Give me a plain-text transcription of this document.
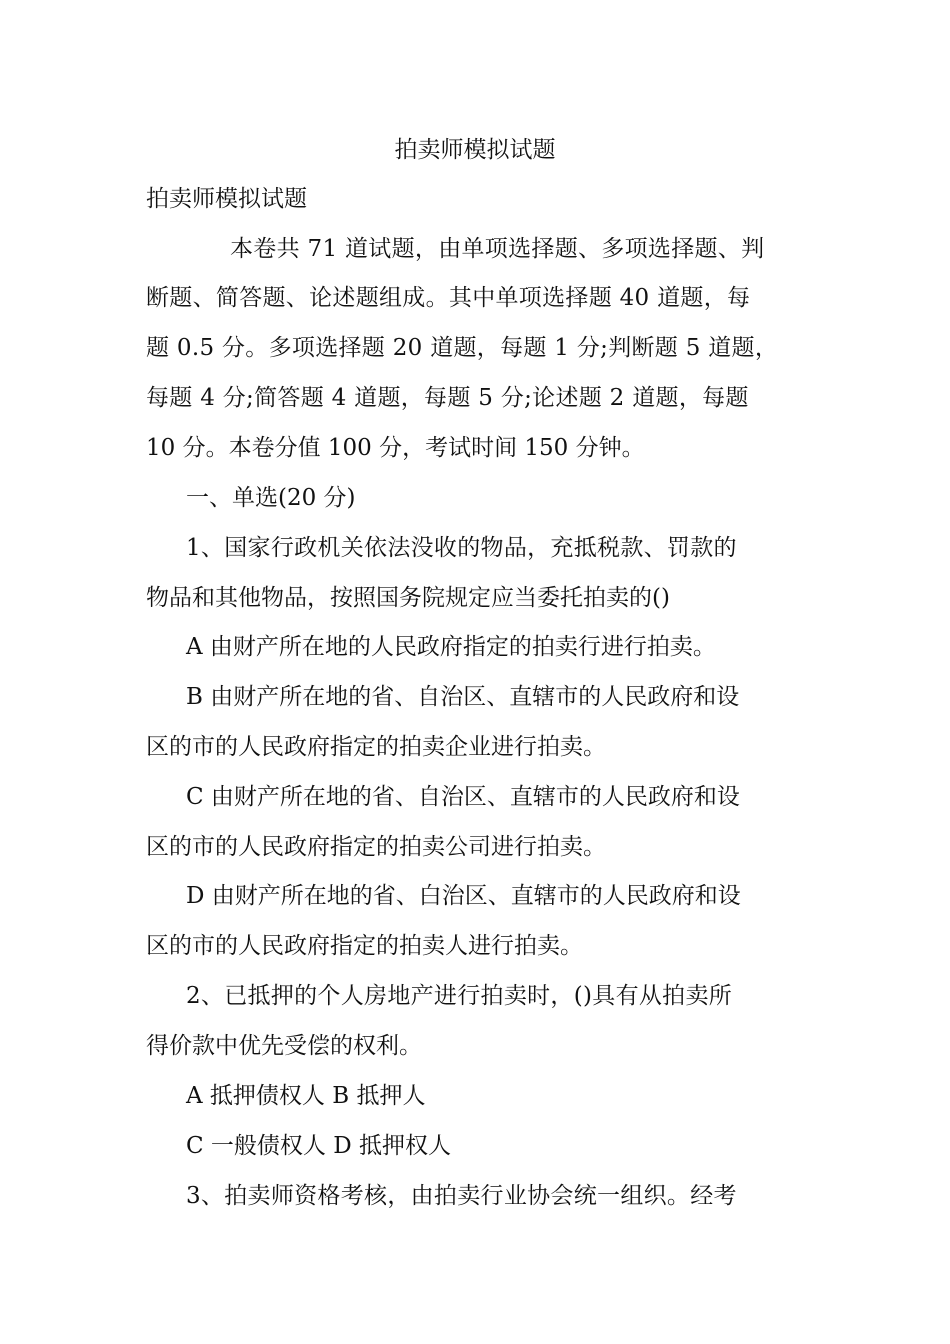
拍卖师模拟试题
拍卖师模拟试题
本卷共 71 道试题，由单项选择题、多项选择题、判
断题、简答题、论述题组成。其中单项选择题 40 道题，每
题 0.5 分。多项选择题 20 道题，每题 1 分;判断题 5 道题，
每题 4 分;简答题 4 道题，每题 5 分;论述题 2 道题，每题
10 分。本卷分值 100 分，考试时间 150 分钟。
一、单选(20 分)
1、国家行政机关依法没收的物品，充抵税款、罚款的
物品和其他物品，按照国务院规定应当委托拍卖的()
A 由财产所在地的人民政府指定的拍卖行进行拍卖。
B 由财产所在地的省、自治区、直辖市的人民政府和设
区的市的人民政府指定的拍卖企业进行拍卖。
C 由财产所在地的省、自治区、直辖市的人民政府和设
区的市的人民政府指定的拍卖公司进行拍卖。
D 由财产所在地的省、白治区、直辖市的人民政府和设
区的市的人民政府指定的拍卖人进行拍卖。
2、已抵押的个人房地产进行拍卖时，()具有从拍卖所
得价款中优先受偿的权利。
A 抵押债权人 B 抵押人
C 一般债权人 D 抵押权人
3、拍卖师资格考核，由拍卖行业协会统一组织。经考
